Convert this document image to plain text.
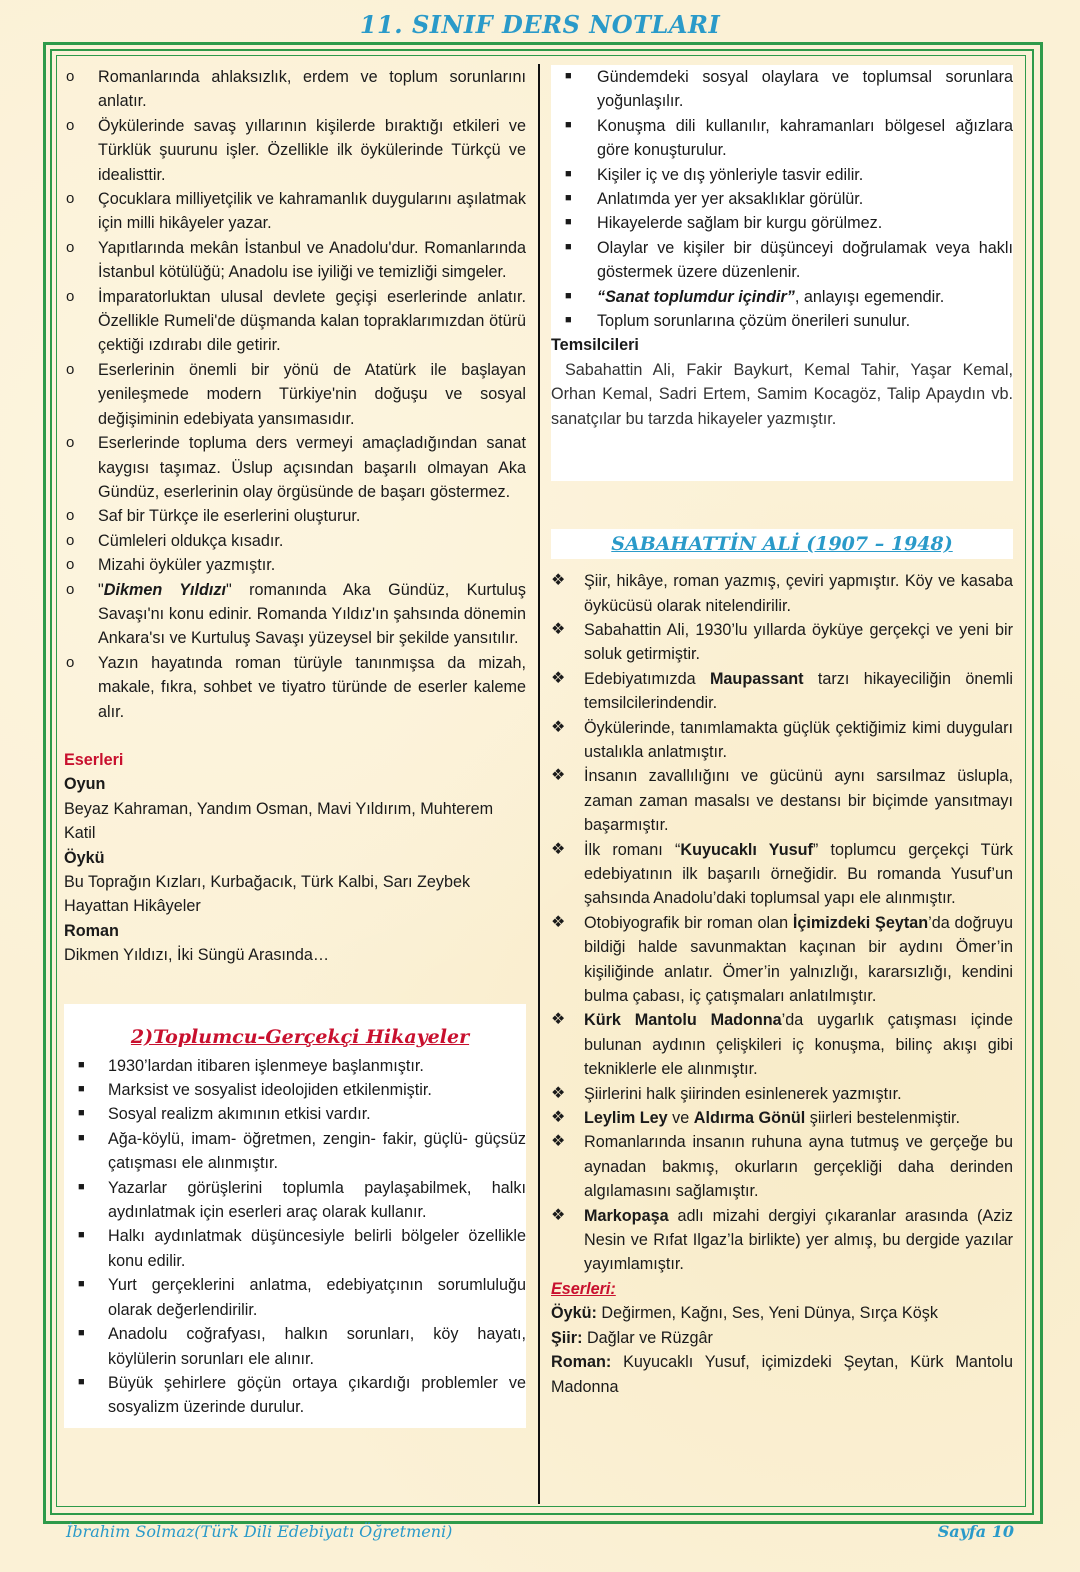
11. SINIF DERS NOTLARI
o Romanlarında ahlaksızlık, erdem ve toplum sorunlarını anlatır.
o Öykülerinde savaş yıllarının kişilerde bıraktığı etkileri ve Türklük şuurunu işler. Özellikle ilk öykülerinde Türkçü ve idealisttir.
o Çocuklara milliyetçilik ve kahramanlık duygularını aşılatmak için milli hikâyeler yazar.
o Yapıtlarında mekân İstanbul ve Anadolu'dur. Romanlarında İstanbul kötülüğü; Anadolu ise iyiliği ve temizliği simgeler.
o İmparatorluktan ulusal devlete geçişi eserlerinde anlatır. Özellikle Rumeli'de düşmanda kalan topraklarımızdan ötürü çektiği ızdırabı dile getirir.
o Eserlerinin önemli bir yönü de Atatürk ile başlayan yenileşmede modern Türkiye'nin doğuşu ve sosyal değişiminin edebiyata yansımasıdır.
o Eserlerinde topluma ders vermeyi amaçladığından sanat kaygısı taşımaz. Üslup açısından başarılı olmayan Aka Gündüz, eserlerinin olay örgüsünde de başarı göstermez.
o Saf bir Türkçe ile eserlerini oluşturur.
o Cümleleri oldukça kısadır.
o Mizahi öyküler yazmıştır.
o "Dikmen Yıldızı" romanında Aka Gündüz, Kurtuluş Savaşı'nı konu edinir. Romanda Yıldız'ın şahsında dönemin Ankara'sı ve Kurtuluş Savaşı yüzeysel bir şekilde yansıtılır.
o Yazın hayatında roman türüyle tanınmışsa da mizah, makale, fıkra, sohbet ve tiyatro türünde de eserler kaleme alır.
Eserleri
Oyun
Beyaz Kahraman, Yandım Osman, Mavi Yıldırım, Muhterem Katil
Öykü
Bu Toprağın Kızları, Kurbağacık, Türk Kalbi, Sarı Zeybek Hayattan Hikâyeler
Roman
Dikmen Yıldızı, İki Süngü Arasında…
2)Toplumcu-Gerçekçi Hikayeler
■ 1930’lardan itibaren işlenmeye başlanmıştır.
■ Marksist ve sosyalist ideolojiden etkilenmiştir.
■ Sosyal realizm akımının etkisi vardır.
■ Ağa-köylü, imam- öğretmen, zengin- fakir, güçlü- güçsüz çatışması ele alınmıştır.
■ Yazarlar görüşlerini toplumla paylaşabilmek, halkı aydınlatmak için eserleri araç olarak kullanır.
■ Halkı aydınlatmak düşüncesiyle belirli bölgeler özellikle konu edilir.
■ Yurt gerçeklerini anlatma, edebiyatçının sorumluluğu olarak değerlendirilir.
■ Anadolu coğrafyası, halkın sorunları, köy hayatı, köylülerin sorunları ele alınır.
■ Büyük şehirlere göçün ortaya çıkardığı problemler ve sosyalizm üzerinde durulur.
■ Gündemdeki sosyal olaylara ve toplumsal sorunlara yoğunlaşılır.
■ Konuşma dili kullanılır, kahramanları bölgesel ağızlara göre konuşturulur.
■ Kişiler iç ve dış yönleriyle tasvir edilir.
■ Anlatımda yer yer aksaklıklar görülür.
■ Hikayelerde sağlam bir kurgu görülmez.
■ Olaylar ve kişiler bir düşünceyi doğrulamak veya haklı göstermek üzere düzenlenir.
■ “Sanat toplumdur içindir”, anlayışı egemendir.
■ Toplum sorunlarına çözüm önerileri sunulur.
Temsilcileri
Sabahattin Ali, Fakir Baykurt, Kemal Tahir, Yaşar Kemal, Orhan Kemal, Sadri Ertem, Samim Kocagöz, Talip Apaydın vb. sanatçılar bu tarzda hikayeler yazmıştır.
SABAHATTİN ALİ (1907 – 1948)
❖ Şiir, hikâye, roman yazmış, çeviri yapmıştır. Köy ve kasaba öykücüsü olarak nitelendirilir.
❖ Sabahattin Ali, 1930’lu yıllarda öyküye gerçekçi ve yeni bir soluk getirmiştir.
❖ Edebiyatımızda Maupassant tarzı hikayeciliğin önemli temsilcilerindendir.
❖ Öykülerinde, tanımlamakta güçlük çektiğimiz kimi duyguları ustalıkla anlatmıştır.
❖ İnsanın zavallılığını ve gücünü aynı sarsılmaz üslupla, zaman zaman masalsı ve destansı bir biçimde yansıtmayı başarmıştır.
❖ İlk romanı “Kuyucaklı Yusuf” toplumcu gerçekçi Türk edebiyatının ilk başarılı örneğidir. Bu romanda Yusuf’un şahsında Anadolu’daki toplumsal yapı ele alınmıştır.
❖ Otobiyografik bir roman olan İçimizdeki Şeytan’da doğruyu bildiği halde savunmaktan kaçınan bir aydını Ömer’in kişiliğinde anlatır. Ömer’in yalnızlığı, kararsızlığı, kendini bulma çabası, iç çatışmaları anlatılmıştır.
❖ Kürk Mantolu Madonna’da uygarlık çatışması içinde bulunan aydının çelişkileri iç konuşma, bilinç akışı gibi tekniklerle ele alınmıştır.
❖ Şiirlerini halk şiirinden esinlenerek yazmıştır.
❖ Leylim Ley ve Aldırma Gönül şiirleri bestelenmiştir.
❖ Romanlarında insanın ruhuna ayna tutmuş ve gerçeğe bu aynadan bakmış, okurların gerçekliği daha derinden algılamasını sağlamıştır.
❖ Markopaşa adlı mizahi dergiyi çıkaranlar arasında (Aziz Nesin ve Rıfat Ilgaz’la birlikte) yer almış, bu dergide yazılar yayımlamıştır.
Eserleri:
Öykü: Değirmen, Kağnı, Ses, Yeni Dünya, Sırça Köşk
Şiir: Dağlar ve Rüzgâr
Roman: Kuyucaklı Yusuf, içimizdeki Şeytan, Kürk Mantolu Madonna
İbrahim Solmaz(Türk Dili Edebiyatı Öğretmeni)	Sayfa 10
